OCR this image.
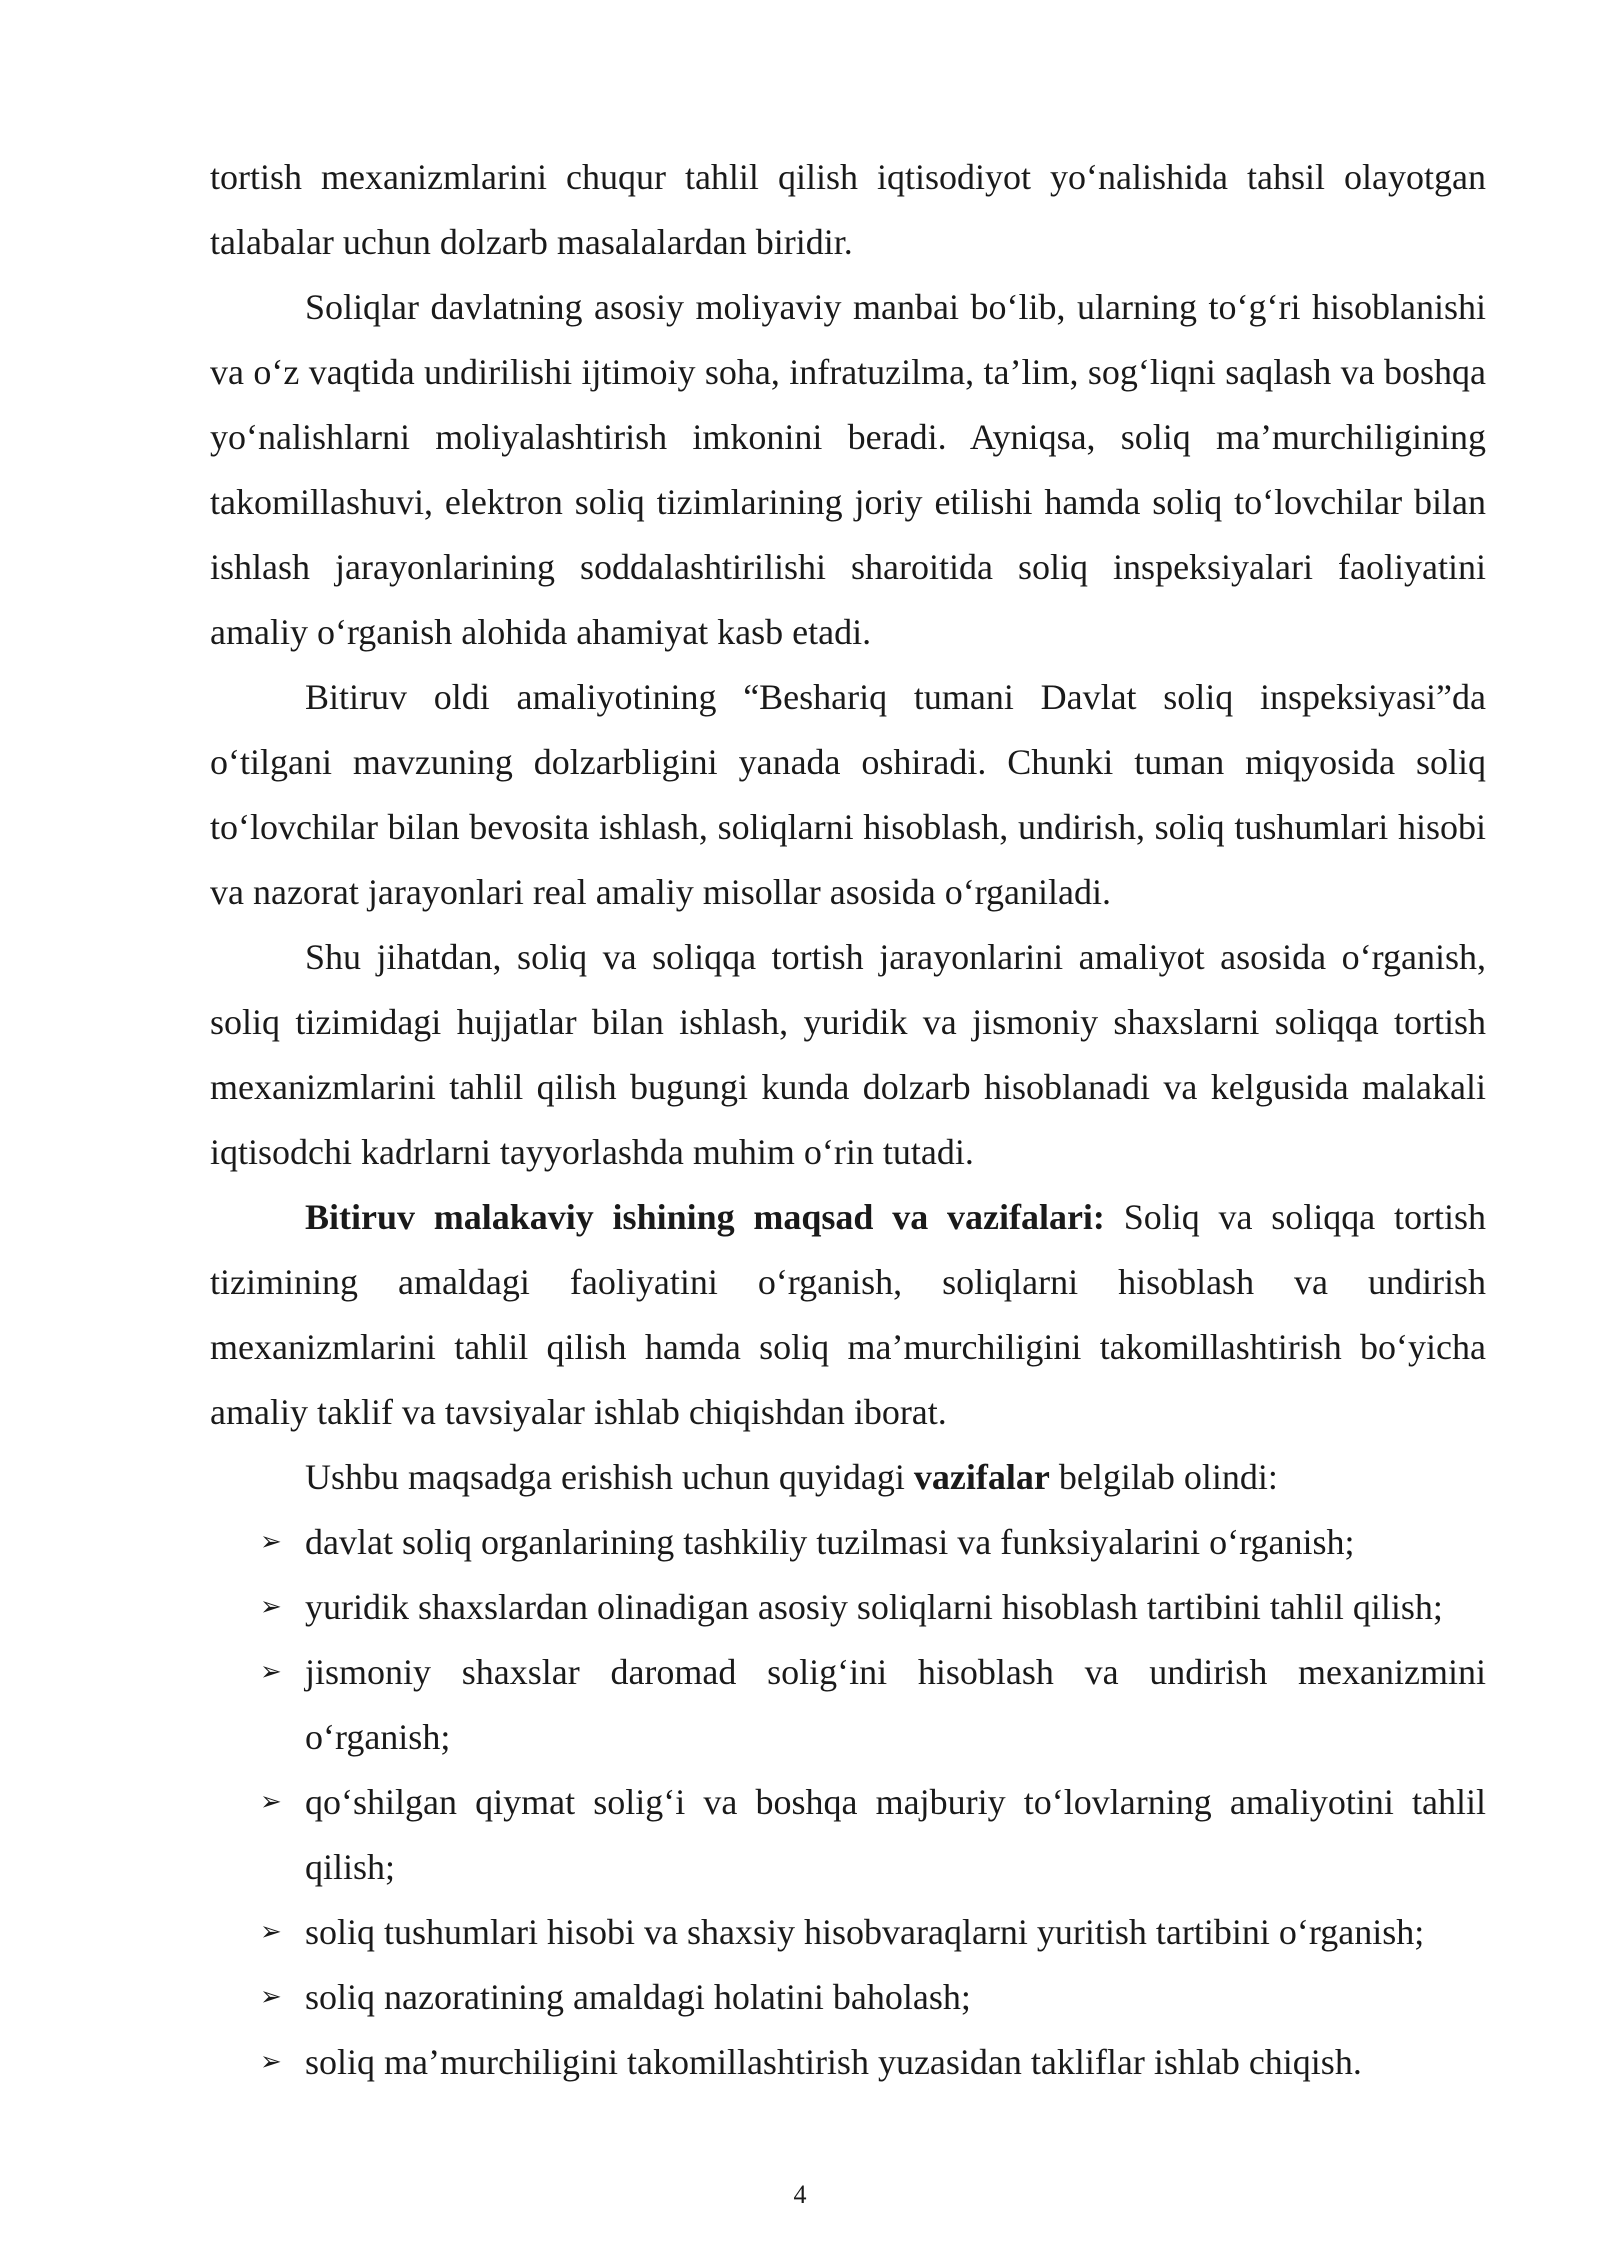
tortish mexanizmlarini chuqur tahlil qilish iqtisodiyot yo‘nalishida tahsil olayotgan talabalar uchun dolzarb masalalardan biridir.

Soliqlar davlatning asosiy moliyaviy manbai bo‘lib, ularning to‘g‘ri hisoblanishi va o‘z vaqtida undirilishi ijtimoiy soha, infratuzilma, ta’lim, sog‘liqni saqlash va boshqa yo‘nalishlarni moliyalashtirish imkonini beradi. Ayniqsa, soliq ma’murchiligining takomillashuvi, elektron soliq tizimlarining joriy etilishi hamda soliq to‘lovchilar bilan ishlash jarayonlarining soddalashtirilishi sharoitida soliq inspeksiyalari faoliyatini amaliy o‘rganish alohida ahamiyat kasb etadi.

Bitiruv oldi amaliyotining “Beshariq tumani Davlat soliq inspeksiyasi”da o‘tilgani mavzuning dolzarbligini yanada oshiradi. Chunki tuman miqyosida soliq to‘lovchilar bilan bevosita ishlash, soliqlarni hisoblash, undirish, soliq tushumlari hisobi va nazorat jarayonlari real amaliy misollar asosida o‘rganiladi.

Shu jihatdan, soliq va soliqqa tortish jarayonlarini amaliyot asosida o‘rganish, soliq tizimidagi hujjatlar bilan ishlash, yuridik va jismoniy shaxslarni soliqqa tortish mexanizmlarini tahlil qilish bugungi kunda dolzarb hisoblanadi va kelgusida malakali iqtisodchi kadrlarni tayyorlashda muhim o‘rin tutadi.

Bitiruv malakaviy ishining maqsad va vazifalari: Soliq va soliqqa tortish tizimining amaldagi faoliyatini o‘rganish, soliqlarni hisoblash va undirish mexanizmlarini tahlil qilish hamda soliq ma’murchiligini takomillashtirish bo‘yicha amaliy taklif va tavsiyalar ishlab chiqishdan iborat.

Ushbu maqsadga erishish uchun quyidagi vazifalar belgilab olindi:

➢ davlat soliq organlarining tashkiliy tuzilmasi va funksiyalarini o‘rganish;
➢ yuridik shaxslardan olinadigan asosiy soliqlarni hisoblash tartibini tahlil qilish;
➢ jismoniy shaxslar daromad solig‘ini hisoblash va undirish mexanizmini o‘rganish;
➢ qo‘shilgan qiymat solig‘i va boshqa majburiy to‘lovlarning amaliyotini tahlil qilish;
➢ soliq tushumlari hisobi va shaxsiy hisobvaraqlarni yuritish tartibini o‘rganish;
➢ soliq nazoratining amaldagi holatini baholash;
➢ soliq ma’murchiligini takomillashtirish yuzasidan takliflar ishlab chiqish.
4
